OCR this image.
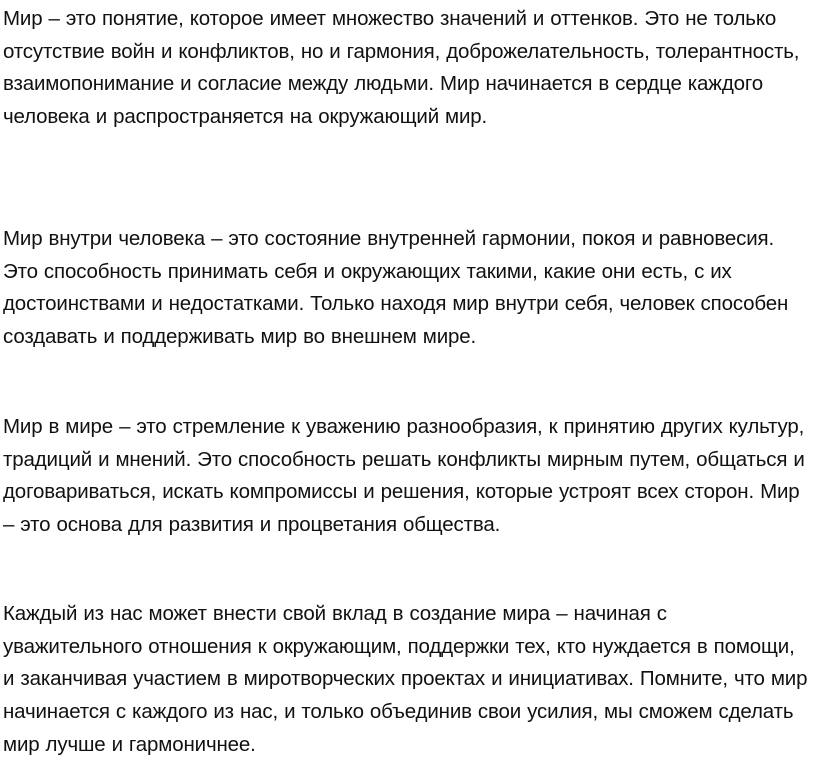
Мир – это понятие, которое имеет множество значений и оттенков. Это не только отсутствие войн и конфликтов, но и гармония, доброжелательность, толерантность, взаимопонимание и согласие между людьми. Мир начинается в сердце каждого человека и распространяется на окружающий мир.

Мир внутри человека – это состояние внутренней гармонии, покоя и равновесия. Это способность принимать себя и окружающих такими, какие они есть, с их достоинствами и недостатками. Только находя мир внутри себя, человек способен создавать и поддерживать мир во внешнем мире.

Мир в мире – это стремление к уважению разнообразия, к принятию других культур, традиций и мнений. Это способность решать конфликты мирным путем, общаться и договариваться, искать компромиссы и решения, которые устроят всех сторон. Мир – это основа для развития и процветания общества.

Каждый из нас может внести свой вклад в создание мира – начиная с уважительного отношения к окружающим, поддержки тех, кто нуждается в помощи, и заканчивая участием в миротворческих проектах и инициативах. Помните, что мир начинается с каждого из нас, и только объединив свои усилия, мы сможем сделать мир лучше и гармоничнее.
